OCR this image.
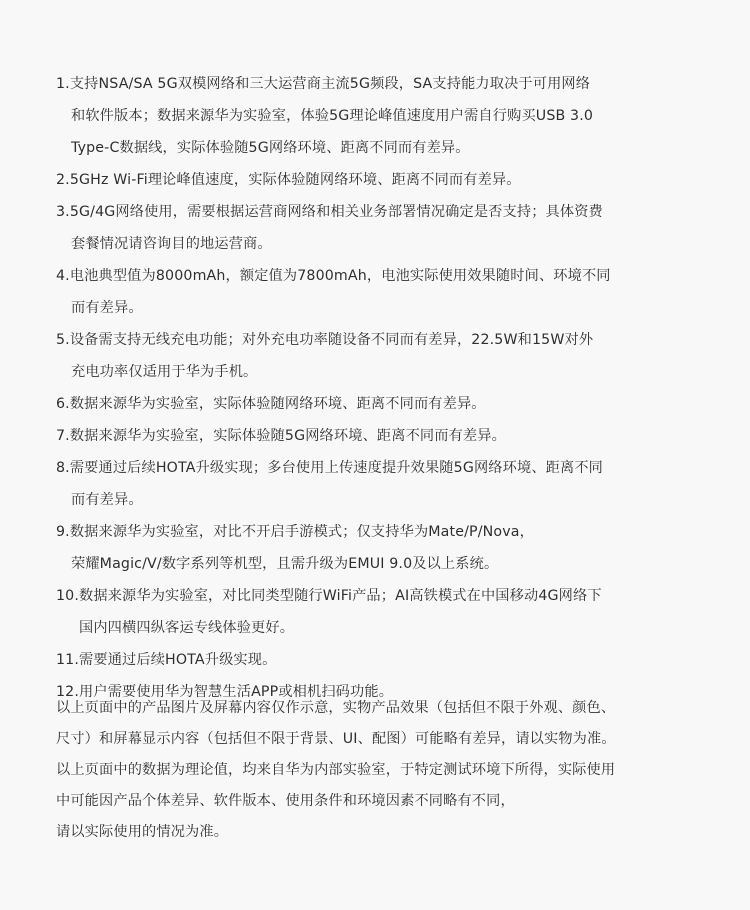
1.支持NSA/SA 5G双模网络和三大运营商主流5G频段，SA支持能力取决于可用网络
和软件版本；数据来源华为实验室，体验5G理论峰值速度用户需自行购买USB 3.0
Type-C数据线，实际体验随5G网络环境、距离不同而有差异。
2.5GHz Wi-Fi理论峰值速度，实际体验随网络环境、距离不同而有差异。
3.5G/4G网络使用，需要根据运营商网络和相关业务部署情况确定是否支持；具体资费
套餐情况请咨询目的地运营商。
4.电池典型值为8000mAh，额定值为7800mAh，电池实际使用效果随时间、环境不同
而有差异。
5.设备需支持无线充电功能；对外充电功率随设备不同而有差异，22.5W和15W对外
充电功率仅适用于华为手机。
6.数据来源华为实验室，实际体验随网络环境、距离不同而有差异。
7.数据来源华为实验室，实际体验随5G网络环境、距离不同而有差异。
8.需要通过后续HOTA升级实现；多台使用上传速度提升效果随5G网络环境、距离不同
而有差异。
9.数据来源华为实验室，对比不开启手游模式；仅支持华为Mate/P/Nova，
荣耀Magic/V/数字系列等机型，且需升级为EMUI 9.0及以上系统。
10.数据来源华为实验室，对比同类型随行WiFi产品；AI高铁模式在中国移动4G网络下
国内四横四纵客运专线体验更好。
11.需要通过后续HOTA升级实现。
12.用户需要使用华为智慧生活APP或相机扫码功能。
以上页面中的产品图片及屏幕内容仅作示意，实物产品效果（包括但不限于外观、颜色、
尺寸）和屏幕显示内容（包括但不限于背景、UI、配图）可能略有差异，请以实物为准。
以上页面中的数据为理论值，均来自华为内部实验室，于特定测试环境下所得，实际使用
中可能因产品个体差异、软件版本、使用条件和环境因素不同略有不同，
请以实际使用的情况为准。
